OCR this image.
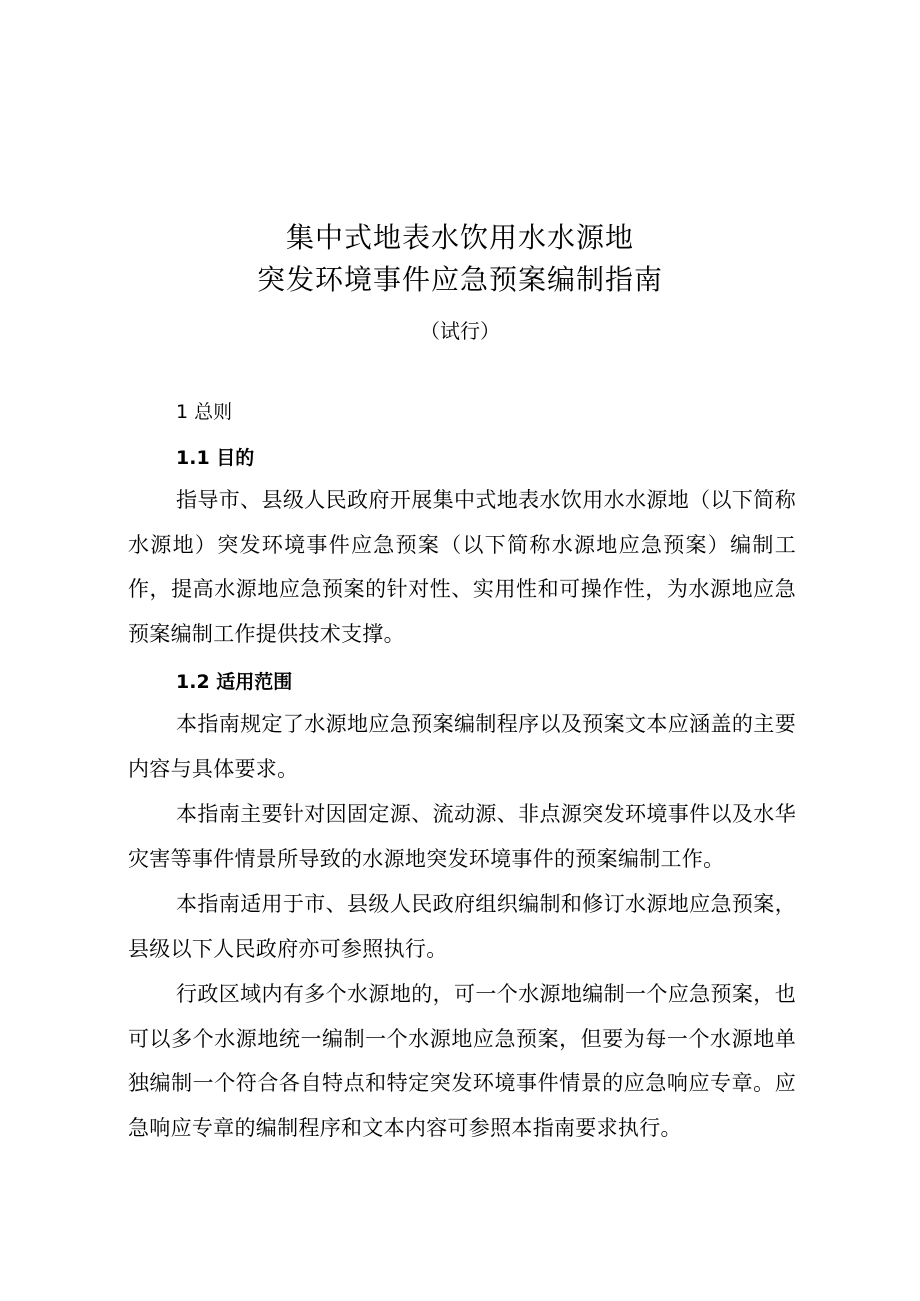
集中式地表水饮用水水源地
突发环境事件应急预案编制指南
（试行）
1 总则
1.1 目的

指导市、县级人民政府开展集中式地表水饮用水水源地（以下简称水源地）突发环境事件应急预案（以下简称水源地应急预案）编制工作，提高水源地应急预案的针对性、实用性和可操作性，为水源地应急预案编制工作提供技术支撑。

1.2 适用范围

本指南规定了水源地应急预案编制程序以及预案文本应涵盖的主要内容与具体要求。

本指南主要针对因固定源、流动源、非点源突发环境事件以及水华灾害等事件情景所导致的水源地突发环境事件的预案编制工作。

本指南适用于市、县级人民政府组织编制和修订水源地应急预案，县级以下人民政府亦可参照执行。

行政区域内有多个水源地的，可一个水源地编制一个应急预案，也可以多个水源地统一编制一个水源地应急预案，但要为每一个水源地单独编制一个符合各自特点和特定突发环境事件情景的应急响应专章。应急响应专章的编制程序和文本内容可参照本指南要求执行。
